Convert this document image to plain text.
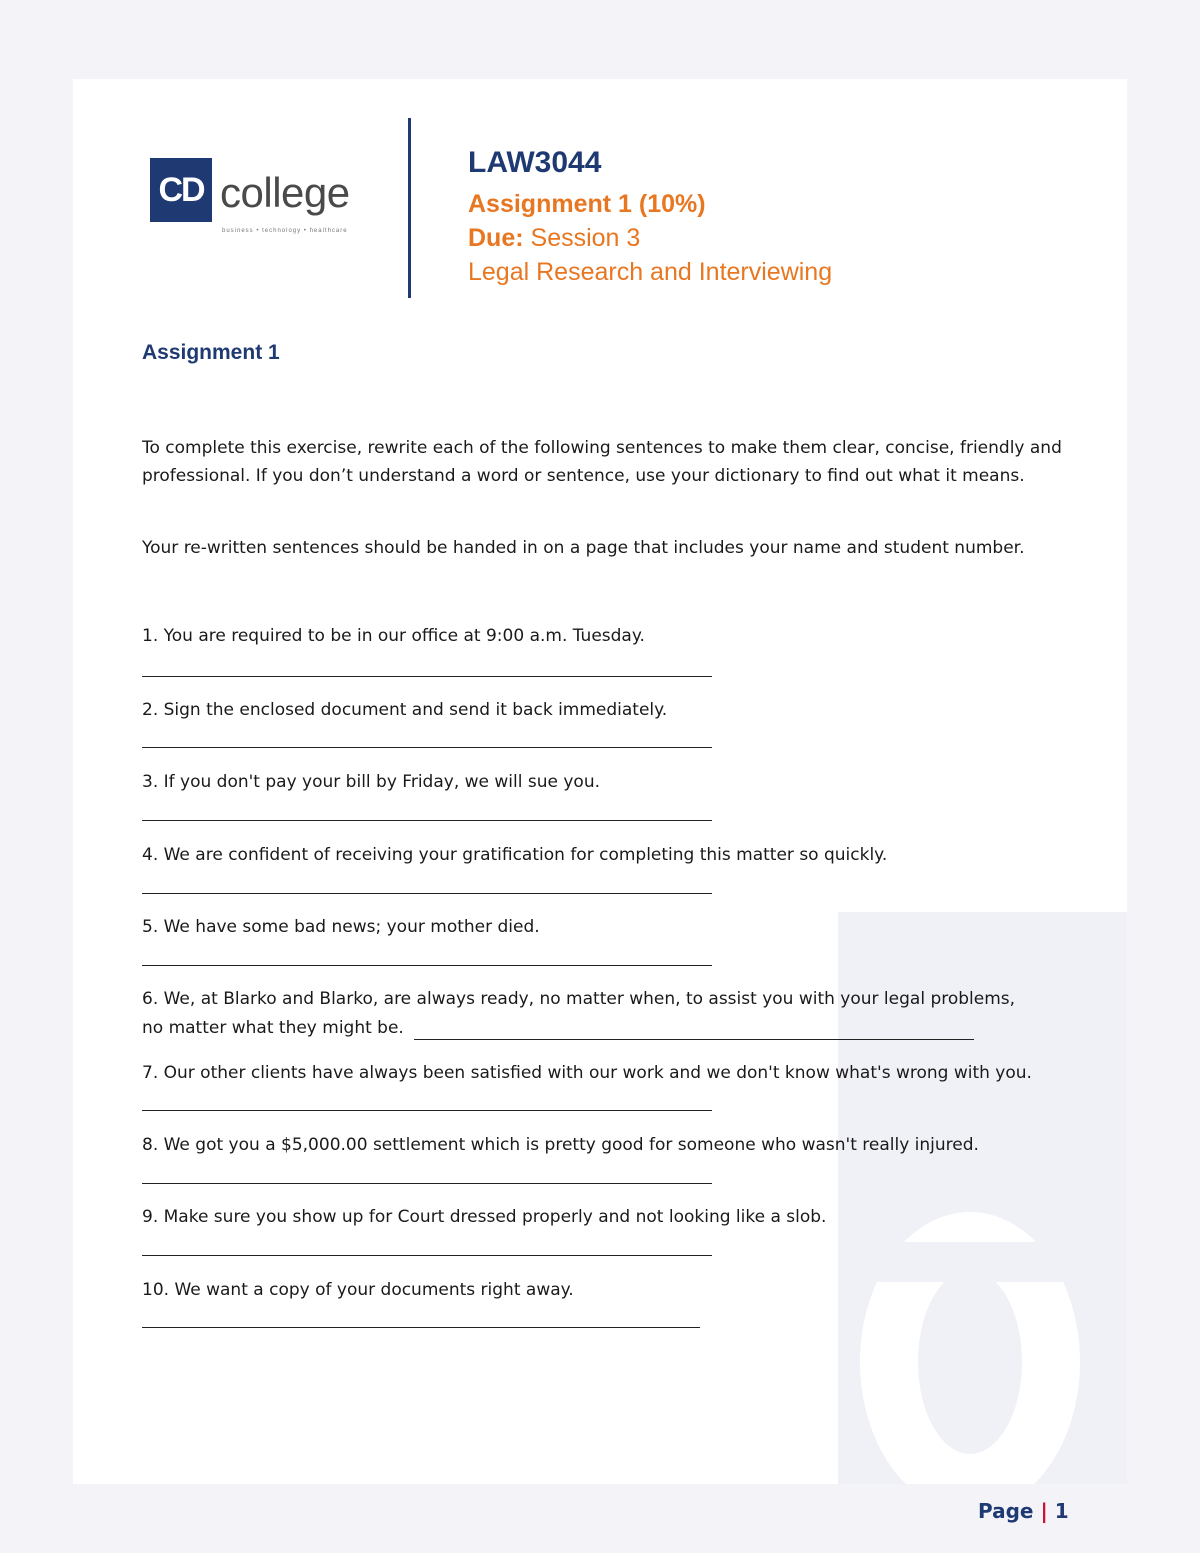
CD college
business • technology • healthcare
LAW3044
Assignment 1 (10%)
Due: Session 3
Legal Research and Interviewing
Assignment 1
To complete this exercise, rewrite each of the following sentences to make them clear, concise, friendly and professional. If you don’t understand a word or sentence, use your dictionary to find out what it means.
Your re-written sentences should be handed in on a page that includes your name and student number.
1. You are required to be in our office at 9:00 a.m. Tuesday.
2. Sign the enclosed document and send it back immediately.
3. If you don't pay your bill by Friday, we will sue you.
4. We are confident of receiving your gratification for completing this matter so quickly.
5. We have some bad news; your mother died.
6. We, at Blarko and Blarko, are always ready, no matter when, to assist you with your legal problems,
no matter what they might be.
7. Our other clients have always been satisfied with our work and we don't know what's wrong with you.
8. We got you a $5,000.00 settlement which is pretty good for someone who wasn't really injured.
9. Make sure you show up for Court dressed properly and not looking like a slob.
10. We want a copy of your documents right away.
Page | 1
